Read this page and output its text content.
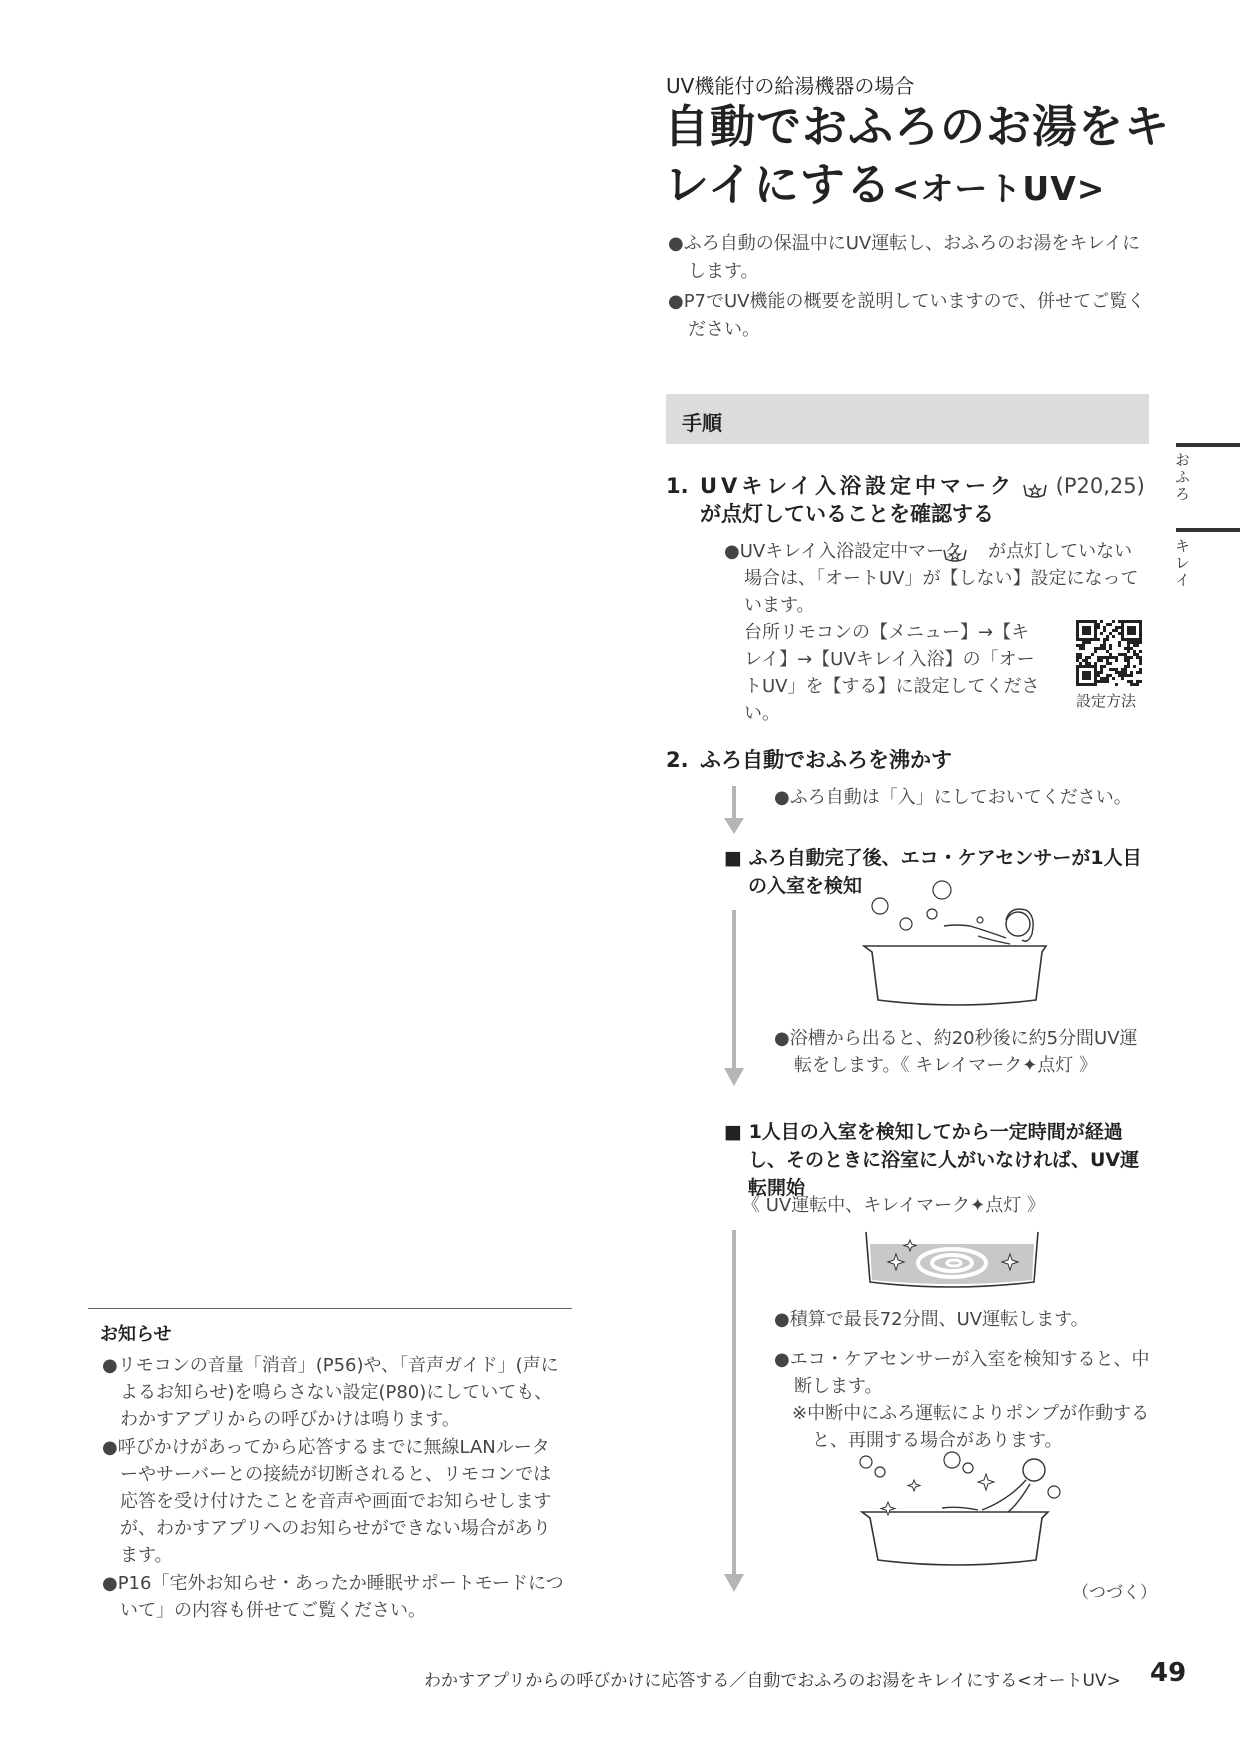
UV機能付の給湯機器の場合
自動でおふろのお湯をキ
レイにする<オートUV>

●ふろ自動の保温中にUV運転し、おふろのお湯をキレイにします。

●P7でUV機能の概要を説明していますので、併せてご覧ください。

手順
おふろ
キレイ
1. UVキレイ入浴設定中マーク (P20,25)
が点灯していることを確認する

●UVキレイ入浴設定中マーク が点灯していない場合は、「オートUV」が【しない】設定になっています。

台所リモコンの【メニュー】→【キレイ】→【UVキレイ入浴】の「オートUV」を【する】に設定してください。
設定方法
2. ふろ自動でおふろを沸かす

●ふろ自動は「入」にしておいてください。

■ ふろ自動完了後、エコ・ケアセンサーが1人目の入室を検知

●浴槽から出ると、約20秒後に約5分間UV運転をします。《 キレイマーク✦点灯 》

■ 1人目の入室を検知してから一定時間が経過し、そのときに浴室に人がいなければ、UV運転開始

《 UV運転中、キレイマーク✦点灯 》

●積算で最長72分間、UV運転します。

●エコ・ケアセンサーが入室を検知すると、中断します。

※中断中にふろ運転によりポンプが作動すると、再開する場合があります。

（つづく）
お知らせ

●リモコンの音量「消音」(P56)や、「音声ガイド」(声によるお知らせ)を鳴らさない設定(P80)にしていても、わかすアプリからの呼びかけは鳴ります。

●呼びかけがあってから応答するまでに無線LANルーターやサーバーとの接続が切断されると、リモコンでは応答を受け付けたことを音声や画面でお知らせしますが、わかすアプリへのお知らせができない場合があります。

●P16「宅外お知らせ・あったか睡眠サポートモードについて」の内容も併せてご覧ください。

わかすアプリからの呼びかけに応答する／自動でおふろのお湯をキレイにする<オートUV> 49
